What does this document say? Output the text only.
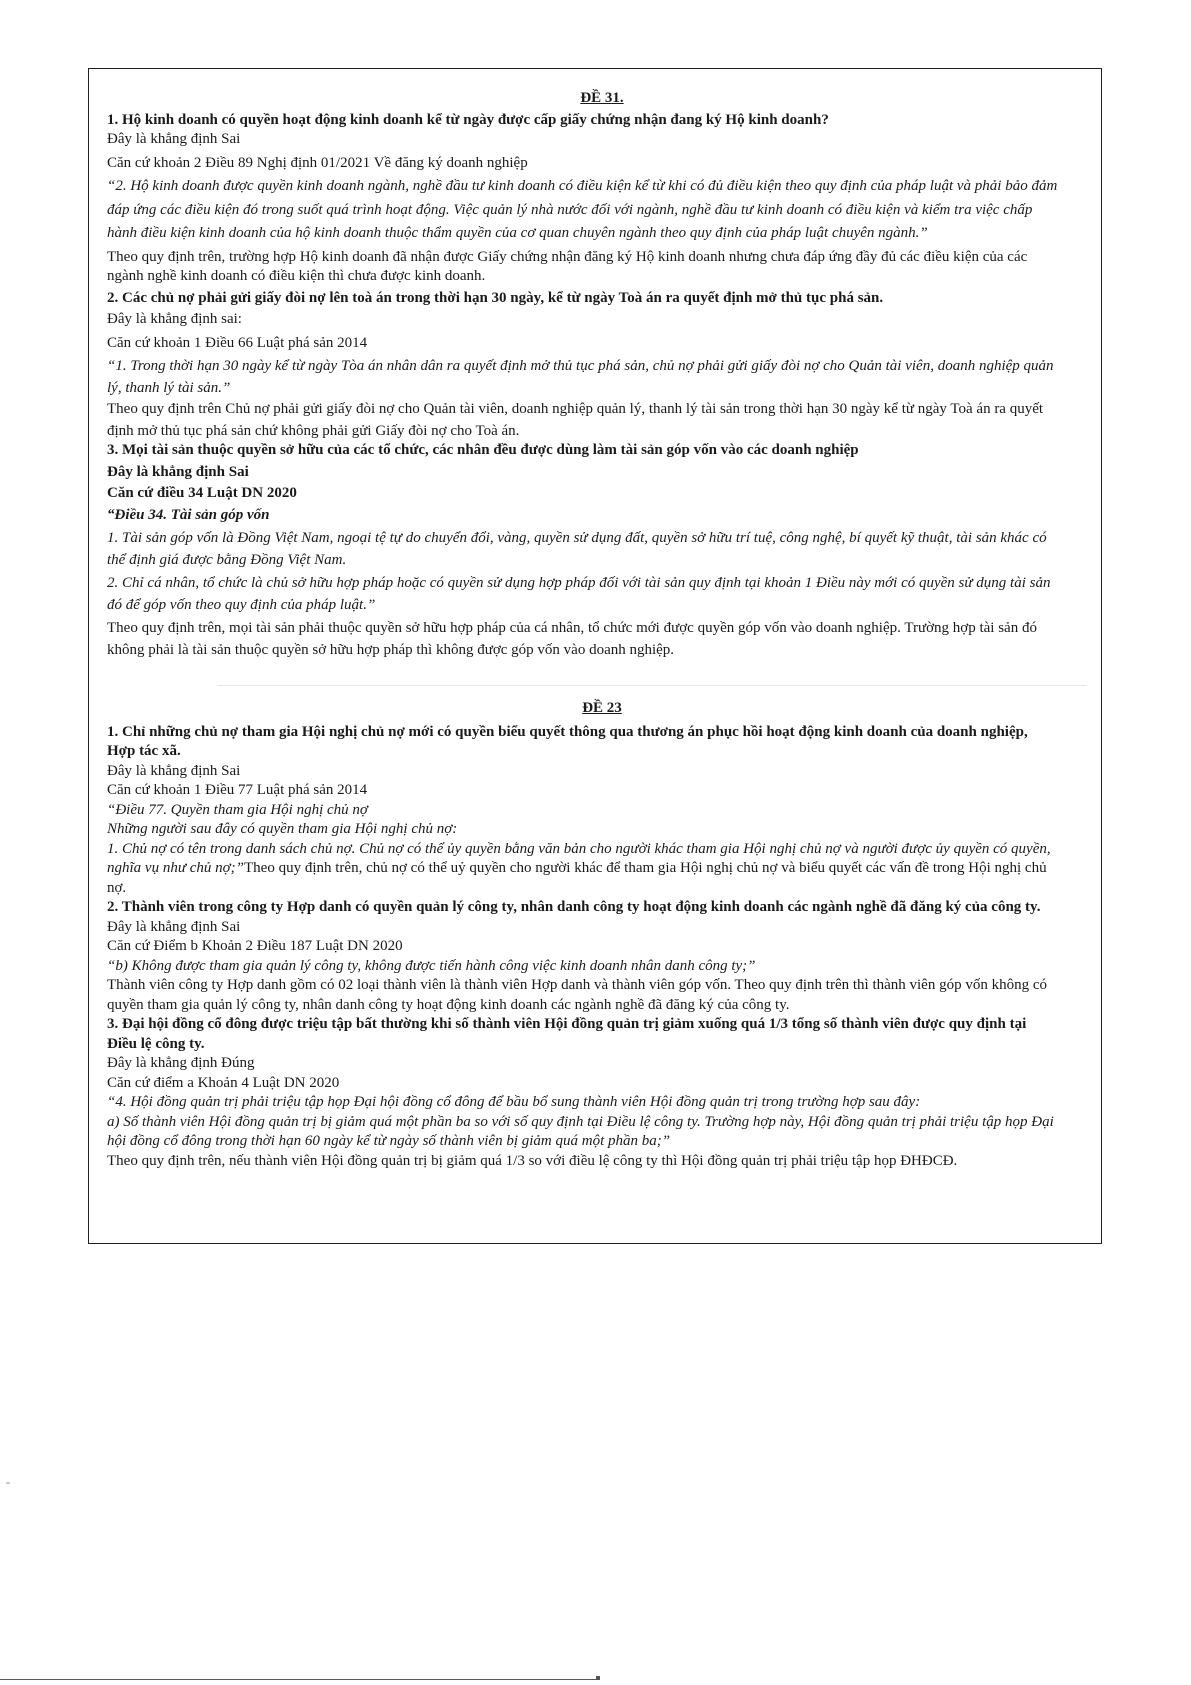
ĐỀ 31.

1. Hộ kinh doanh có quyền hoạt động kinh doanh kể từ ngày được cấp giấy chứng nhận đang ký Hộ kinh doanh?

Đây là khẳng định Sai

Căn cứ khoản 2 Điều 89 Nghị định 01/2021 Về đăng ký doanh nghiệp

“2. Hộ kinh doanh được quyền kinh doanh ngành, nghề đầu tư kinh doanh có điều kiện kể từ khi có đủ điều kiện theo quy định của pháp luật và phải bảo đảm

đáp ứng các điều kiện đó trong suốt quá trình hoạt động. Việc quản lý nhà nước đối với ngành, nghề đầu tư kinh doanh có điều kiện và kiểm tra việc chấp

hành điều kiện kinh doanh của hộ kinh doanh thuộc thẩm quyền của cơ quan chuyên ngành theo quy định của pháp luật chuyên ngành.”

Theo quy định trên, trường hợp Hộ kinh doanh đã nhận được Giấy chứng nhận đăng ký Hộ kinh doanh nhưng chưa đáp ứng đầy đủ các điều kiện của các

ngành nghề kinh doanh có điều kiện thì chưa được kinh doanh.

2. Các chủ nợ phải gửi giấy đòi nợ lên toà án trong thời hạn 30 ngày, kể từ ngày Toà án ra quyết định mở thủ tục phá sản.

Đây là khẳng định sai:

Căn cứ khoản 1 Điều 66 Luật phá sản 2014

“1. Trong thời hạn 30 ngày kể từ ngày Tòa án nhân dân ra quyết định mở thủ tục phá sản, chủ nợ phải gửi giấy đòi nợ cho Quản tài viên, doanh nghiệp quản

lý, thanh lý tài sản.”

Theo quy định trên Chủ nợ phải gửi giấy đòi nợ cho Quản tài viên, doanh nghiệp quản lý, thanh lý tài sản trong thời hạn 30 ngày kể từ ngày Toà án ra quyết

định mở thủ tục phá sản chứ không phải gửi Giấy đòi nợ cho Toà án.

3. Mọi tài sản thuộc quyền sở hữu của các tổ chức, các nhân đều được dùng làm tài sản góp vốn vào các doanh nghiệp

Đây là khẳng định Sai

Căn cứ điều 34 Luật DN 2020

“Điều 34. Tài sản góp vốn

1. Tài sản góp vốn là Đồng Việt Nam, ngoại tệ tự do chuyển đổi, vàng, quyền sử dụng đất, quyền sở hữu trí tuệ, công nghệ, bí quyết kỹ thuật, tài sản khác có

thể định giá được bằng Đồng Việt Nam.

2. Chỉ cá nhân, tổ chức là chủ sở hữu hợp pháp hoặc có quyền sử dụng hợp pháp đối với tài sản quy định tại khoản 1 Điều này mới có quyền sử dụng tài sản

đó để góp vốn theo quy định của pháp luật.”

Theo quy định trên, mọi tài sản phải thuộc quyền sở hữu hợp pháp của cá nhân, tổ chức mới được quyền góp vốn vào doanh nghiệp. Trường hợp tài sản đó

không phải là tài sản thuộc quyền sở hữu hợp pháp thì không được góp vốn vào doanh nghiệp.

ĐỀ 23

1. Chỉ những chủ nợ tham gia Hội nghị chủ nợ mới có quyền biểu quyết thông qua thương án phục hồi hoạt động kinh doanh của doanh nghiệp,

Hợp tác xã.

Đây là khẳng định Sai

Căn cứ khoản 1 Điều 77 Luật phá sản 2014

“Điều 77. Quyền tham gia Hội nghị chủ nợ

Những người sau đây có quyền tham gia Hội nghị chủ nợ:

1. Chủ nợ có tên trong danh sách chủ nợ. Chủ nợ có thể ủy quyền bằng văn bản cho người khác tham gia Hội nghị chủ nợ và người được ủy quyền có quyền,

nghĩa vụ như chủ nợ;”Theo quy định trên, chủ nợ có thể uỷ quyền cho người khác để tham gia Hội nghị chủ nợ và biểu quyết các vấn đề trong Hội nghị chủ

nợ.

2. Thành viên trong công ty Hợp danh có quyền quản lý công ty, nhân danh công ty hoạt động kinh doanh các ngành nghề đã đăng ký của công ty.

Đây là khẳng định Sai

Căn cứ Điểm b Khoản 2 Điều 187 Luật DN 2020

“b) Không được tham gia quản lý công ty, không được tiến hành công việc kinh doanh nhân danh công ty;”

Thành viên công ty Hợp danh gồm có 02 loại thành viên là thành viên Hợp danh và thành viên góp vốn. Theo quy định trên thì thành viên góp vốn không có

quyền tham gia quản lý công ty, nhân danh công ty hoạt động kinh doanh các ngành nghề đã đăng ký của công ty.

3. Đại hội đồng cổ đông được triệu tập bất thường khi số thành viên Hội đồng quản trị giảm xuống quá 1/3 tổng số thành viên được quy định tại

Điều lệ công ty.

Đây là khẳng định Đúng

Căn cứ điểm a Khoản 4 Luật DN 2020

“4. Hội đồng quản trị phải triệu tập họp Đại hội đồng cổ đông để bầu bổ sung thành viên Hội đồng quản trị trong trường hợp sau đây:

a) Số thành viên Hội đồng quản trị bị giảm quá một phần ba so với số quy định tại Điều lệ công ty. Trường hợp này, Hội đồng quản trị phải triệu tập họp Đại

hội đồng cổ đông trong thời hạn 60 ngày kể từ ngày số thành viên bị giảm quá một phần ba;”

Theo quy định trên, nếu thành viên Hội đồng quản trị bị giảm quá 1/3 so với điều lệ công ty thì Hội đồng quản trị phải triệu tập họp ĐHĐCĐ.
